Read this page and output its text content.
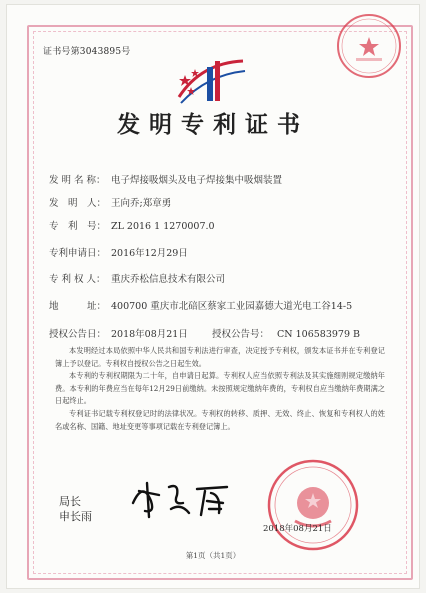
证书号第3043895号
发明专利证书
发 明 名 称： 电子焊接吸烟头及电子焊接集中吸烟装置
发　明　人： 王向乔;郑章勇
专　利　号： ZL 2016 1 1270007.0
专利申请日： 2016年12月29日
专 利 权 人： 重庆乔松信息技术有限公司
地　　　址： 400700 重庆市北碚区蔡家工业园嘉德大道光电工谷14-5
授权公告日： 2018年08月21日	授权公告号： CN 106583979 B
本发明经过本局依照中华人民共和国专利法进行审查，决定授予专利权，颁发本证书并在专利登记簿上予以登记。专利权自授权公告之日起生效。
本专利的专利权期限为二十年，自申请日起算。专利权人应当依照专利法及其实施细则规定缴纳年费。本专利的年费应当在每年12月29日前缴纳。未按照规定缴纳年费的，专利权自应当缴纳年费期满之日起终止。
专利证书记载专利权登记时的法律状况。专利权的转移、质押、无效、终止、恢复和专利权人的姓名或名称、国籍、地址变更等事项记载在专利登记簿上。
局长
申长雨
2018年08月21日
第1页（共1页）
